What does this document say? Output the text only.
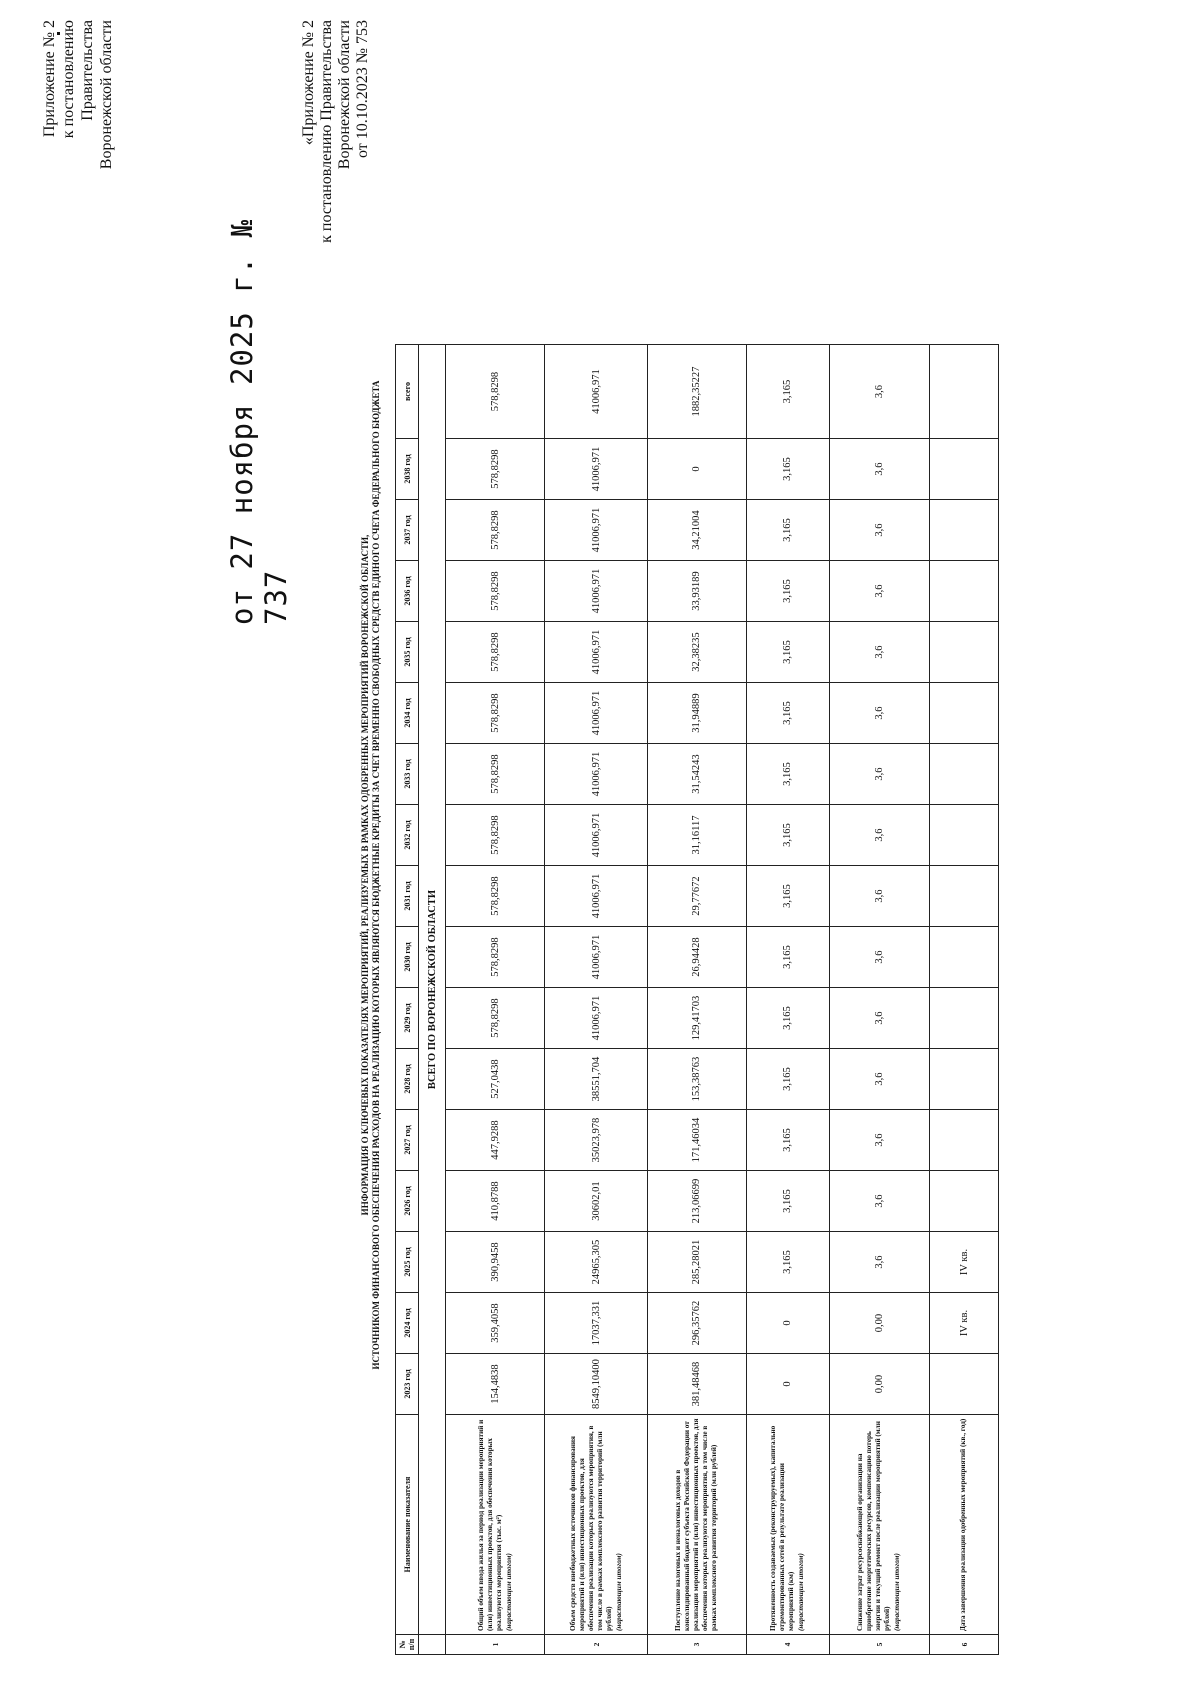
Приложение № 2 к постановлению Правительства Воронежской области
от 27 ноября 2025 г. № 737
«Приложение № 2 к постановлению Правительства Воронежской области от 10.10.2023 № 753
ИНФОРМАЦИЯ О КЛЮЧЕВЫХ ПОКАЗАТЕЛЯХ МЕРОПРИЯТИЙ, РЕАЛИЗУЕМЫХ В РАМКАХ ОДОБРЕННЫХ МЕРОПРИЯТИЙ ВОРОНЕЖСКОЙ ОБЛАСТИ, ИСТОЧНИКОМ ФИНАНСОВОГО ОБЕСПЕЧЕНИЯ РАСХОДОВ НА РЕАЛИЗАЦИЮ КОТОРЫХ ЯВЛЯЮТСЯ БЮДЖЕТНЫЕ КРЕДИТЫ ЗА СЧЕТ ВРЕМЕННО СВОБОДНЫХ СРЕДСТВ ЕДИНОГО СЧЕТА ФЕДЕРАЛЬНОГО БЮДЖЕТА
№ п/п	Наименование показателя	2023 год	2024 год	2025 год	2026 год	2027 год	2028 год	2029 год	2030 год	2031 год	2032 год	2033 год	2034 год	2035 год	2036 год	2037 год	2038 год	всего
	ВСЕГО ПО ВОРОНЕЖСКОЙ ОБЛАСТИ																	
1	Общий объем ввода жилья за период реализации мероприятий и (или) инвестиционных проектов, для обеспечения которых реализуются мероприятия (тыс. м²) (нарастающим итогом)	154,4838	359,4058	390,9458	410,8788	447,9288	527,0438	578,8298	578,8298	578,8298	578,8298	578,8298	578,8298	578,8298	578,8298	578,8298	578,8298	578,8298
2	Объем средств внебюджетных источников финансирования мероприятий и (или) инвестиционных проектов, для обеспечения реализации которых реализуются мероприятия, в том числе в рамках комплексного развития территорий (млн рублей) (нарастающим итогом)	8549,10400	17037,331	24965,305	30602,01	35023,978	38551,704	41006,971	41006,971	41006,971	41006,971	41006,971	41006,971	41006,971	41006,971	41006,971	41006,971	41006,971
3	Поступление налоговых и неналоговых доходов в консолидированный бюджет субъекта Российской Федерации от реализации мероприятий и (или) инвестиционных проектов, для обеспечения которых реализуются мероприятия, в том числе в рамках комплексного развития территорий (млн рублей)	381,48468	296,35762	285,28021	213,06699	171,46034	153,38763	129,41703	26,94428	29,77672	31,16117	31,54243	31,94889	32,38235	33,93189	34,21004	0	1882,35227
4	Протяженность создаваемых (реконструируемых), капитально отремонтированных сетей в результате реализации мероприятий (км) (нарастающим итогом)	0	0	3,165	3,165	3,165	3,165	3,165	3,165	3,165	3,165	3,165	3,165	3,165	3,165	3,165	3,165	3,165
5	Снижение затрат ресурсоснабжающей организации на приобретение энергетических ресурсов, компенсацию потерь энергии и текущий ремонт после реализации мероприятий (млн рублей) (нарастающим итогом)	0,00	0,00	3,6	3,6	3,6	3,6	3,6	3,6	3,6	3,6	3,6	3,6	3,6	3,6	3,6	3,6	3,6
6	Дата завершения реализации одобренных мероприятий (кв., год)		IV кв.	IV кв.														
